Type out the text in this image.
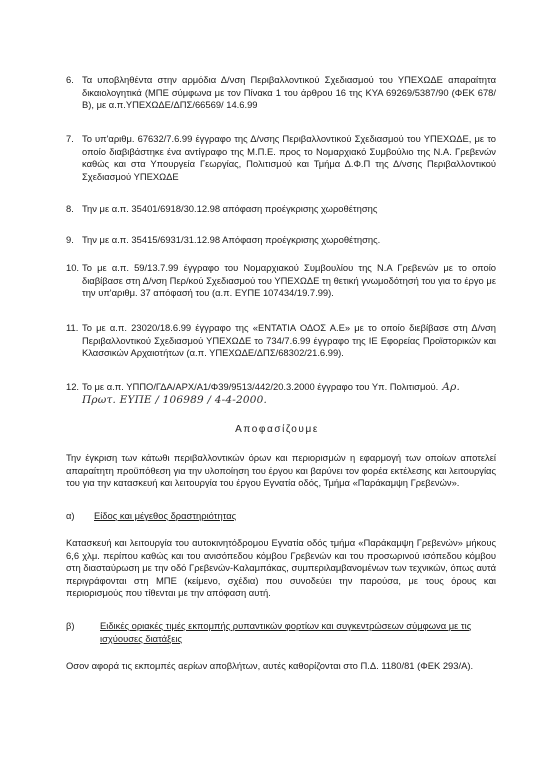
6. Τα υποβληθέντα στην αρμόδια Δ/νση Περιβαλλοντικού Σχεδιασμού του ΥΠΕΧΩΔΕ απαραίτητα δικαιολογητικά (ΜΠΕ σύμφωνα με τον Πίνακα 1 του άρθρου 16 της ΚΥΑ 69269/5387/90 (ΦΕΚ 678/Β), με α.π.ΥΠΕΧΩΔΕ/ΔΠΣ/66569/ 14.6.99
7. Το υπ'αριθμ. 67632/7.6.99 έγγραφο της Δ/νσης Περιβαλλοντικού Σχεδιασμού του ΥΠΕΧΩΔΕ, με το οποίο διαβιβάστηκε ένα αντίγραφο της Μ.Π.Ε. προς το Νομαρχιακό Συμβούλιο της Ν.Α. Γρεβενών καθώς και στα Υπουργεία Γεωργίας, Πολιτισμού και Τμήμα Δ.Φ.Π της Δ/νσης Περιβαλλοντικού Σχεδιασμού ΥΠΕΧΩΔΕ
8. Την με α.π. 35401/6918/30.12.98 απόφαση προέγκρισης χωροθέτησης
9. Την με α.π. 35415/6931/31.12.98 Απόφαση προέγκρισης χωροθέτησης.
10. Το με α.π. 59/13.7.99 έγγραφο του Νομαρχιακού Συμβουλίου της Ν.Α Γρεβενών με το οποίο διαβίβασε στη Δ/νση Περ/κού Σχεδιασμού του ΥΠΕΧΩΔΕ τη θετική γνωμοδότησή του για το έργο με την υπ'αριθμ. 37 απόφασή του (α.π. ΕΥΠΕ 107434/19.7.99).
11. Το με α.π. 23020/18.6.99 έγγραφο της «ΕΝΤΑΤΙΑ ΟΔΟΣ Α.Ε» με το οποίο διεβίβασε στη Δ/νση Περιβαλλοντικού Σχεδιασμού ΥΠΕΧΩΔΕ το 734/7.6.99 έγγραφο της ΙΕ Εφορείας Προϊστορικών και Κλασσικών Αρχαιοτήτων (α.π. ΥΠΕΧΩΔΕ/ΔΠΣ/68302/21.6.99).
12. Το με α.π. ΥΠΠΟ/ΓΔΑ/ΑΡΧ/Α1/Φ39/9513/442/20.3.2000 έγγραφο του Υπ. Πολιτισμού. Αρ. Πρωτ. ΕΥΠΕ / 106989 / 4-4-2000.
Αποφασίζουμε
Την έγκριση των κάτωθι περιβαλλοντικών όρων και περιορισμών η εφαρμογή των οποίων αποτελεί απαραίτητη προϋπόθεση για την υλοποίηση του έργου και βαρύνει τον φορέα εκτέλεσης και λειτουργίας του για την κατασκευή και λειτουργία του έργου Εγνατία οδός, Τμήμα «Παράκαμψη Γρεβενών».
α) Είδος και μέγεθος δραστηριότητας
Κατασκευή και λειτουργία του αυτοκινητόδρομου Εγνατία οδός τμήμα «Παράκαμψη Γρεβενών» μήκους 6,6 χλμ. περίπου καθώς και του ανισόπεδου κόμβου Γρεβενών και του προσωρινού ισόπεδου κόμβου στη διασταύρωση με την οδό Γρεβενών-Καλαμπάκας, συμπεριλαμβανομένων των τεχνικών, όπως αυτά περιγράφονται στη ΜΠΕ (κείμενο, σχέδια) που συνοδεύει την παρούσα, με τους όρους και περιορισμούς που τίθενται με την απόφαση αυτή.
β)	Ειδικές οριακές τιμές εκπομπής ρυπαντικών φορτίων και συγκεντρώσεων σύμφωνα με τις ισχύουσες διατάξεις
Οσον αφορά τις εκπομπές αερίων αποβλήτων, αυτές καθορίζονται στο Π.Δ. 1180/81 (ΦΕΚ 293/Α).
